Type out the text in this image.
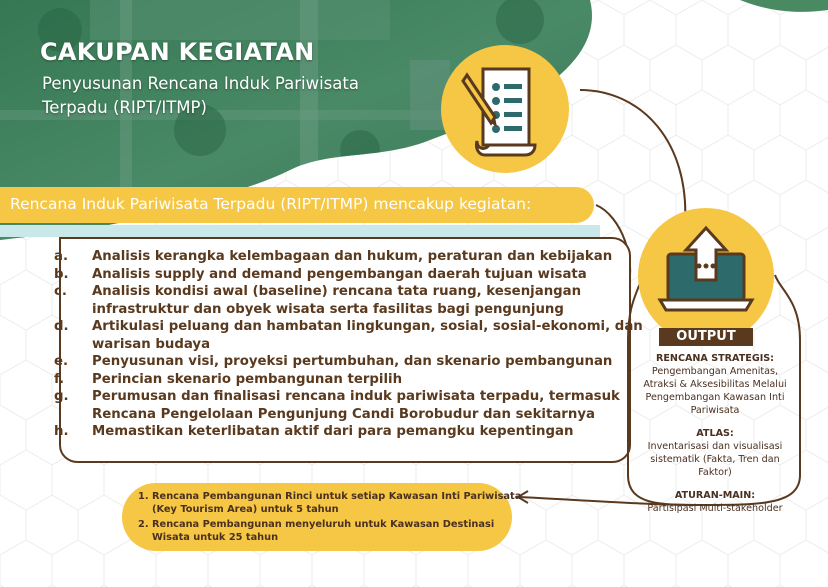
CAKUPAN KEGIATAN
Penyusunan Rencana Induk Pariwisata
Terpadu (RIPT/ITMP)
Rencana Induk Pariwisata Terpadu (RIPT/ITMP) mencakup kegiatan:
a.	Analisis kerangka kelembagaan dan hukum, peraturan dan kebijakan
b.	Analisis supply and demand pengembangan daerah tujuan wisata
c.	Analisis kondisi awal (baseline) rencana tata ruang, kesenjangan
infrastruktur dan obyek wisata serta fasilitas bagi pengunjung
d.	Artikulasi peluang dan hambatan lingkungan, sosial, sosial-ekonomi, dan
warisan budaya
e.	Penyusunan visi, proyeksi pertumbuhan, dan skenario pembangunan
f.	Perincian skenario pembangunan terpilih
g.	Perumusan dan finalisasi rencana induk pariwisata terpadu, termasuk
Rencana Pengelolaan Pengunjung Candi Borobudur dan sekitarnya
h.	Memastikan keterlibatan aktif dari para pemangku kepentingan
OUTPUT
RENCANA STRATEGIS:
Pengembangan Amenitas,
Atraksi & Aksesibilitas Melalui
Pengembangan Kawasan Inti
Pariwisata
ATLAS:
Inventarisasi dan visualisasi
sistematik (Fakta, Tren dan
Faktor)
ATURAN-MAIN:
Partisipasi Multi-stakeholder
1. Rencana Pembangunan Rinci untuk setiap Kawasan Inti Pariwisata
(Key Tourism Area) untuk 5 tahun
2. Rencana Pembangunan menyeluruh untuk Kawasan Destinasi
Wisata untuk 25 tahun
